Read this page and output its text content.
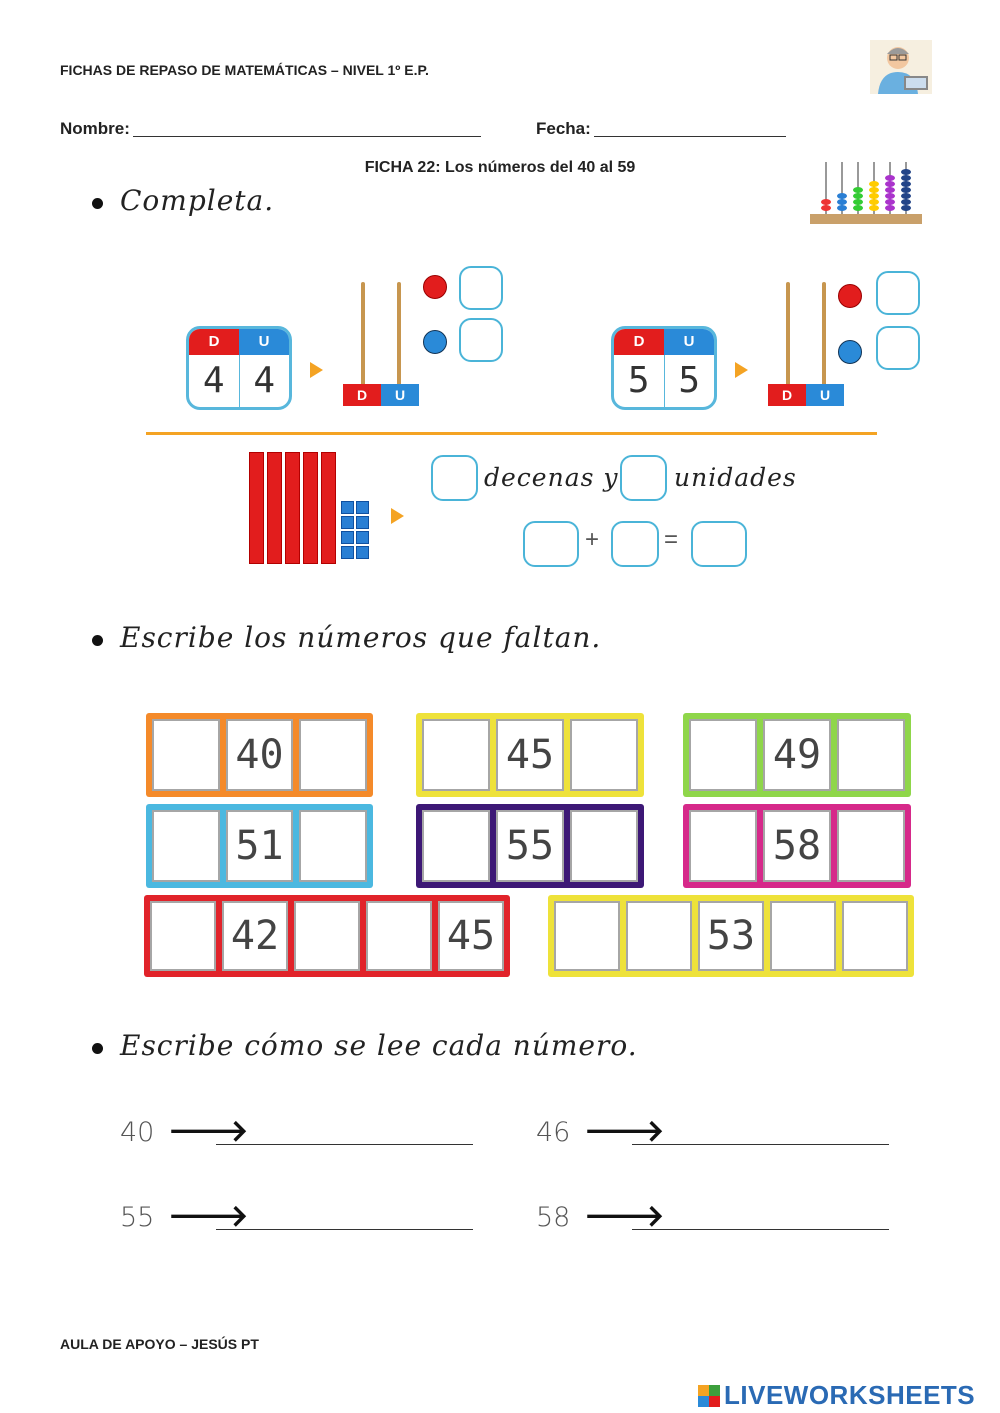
FICHAS DE REPASO DE MATEMÁTICAS – NIVEL 1º E.P.
Nombre:	Fecha:
FICHA 22: Los números del 40 al 59
Completa.
D	U
4 4	D	U
D	U
5 5	D	U
decenas y unidades
+	=
Escribe los números que faltan.
40	45	49
51	55	58
42	45	53
Escribe cómo se lee cada número.
40 🡒	46 🡒
55 🡒	58 🡒
AULA DE APOYO – JESÚS PT
LIVEWORKSHEETS
